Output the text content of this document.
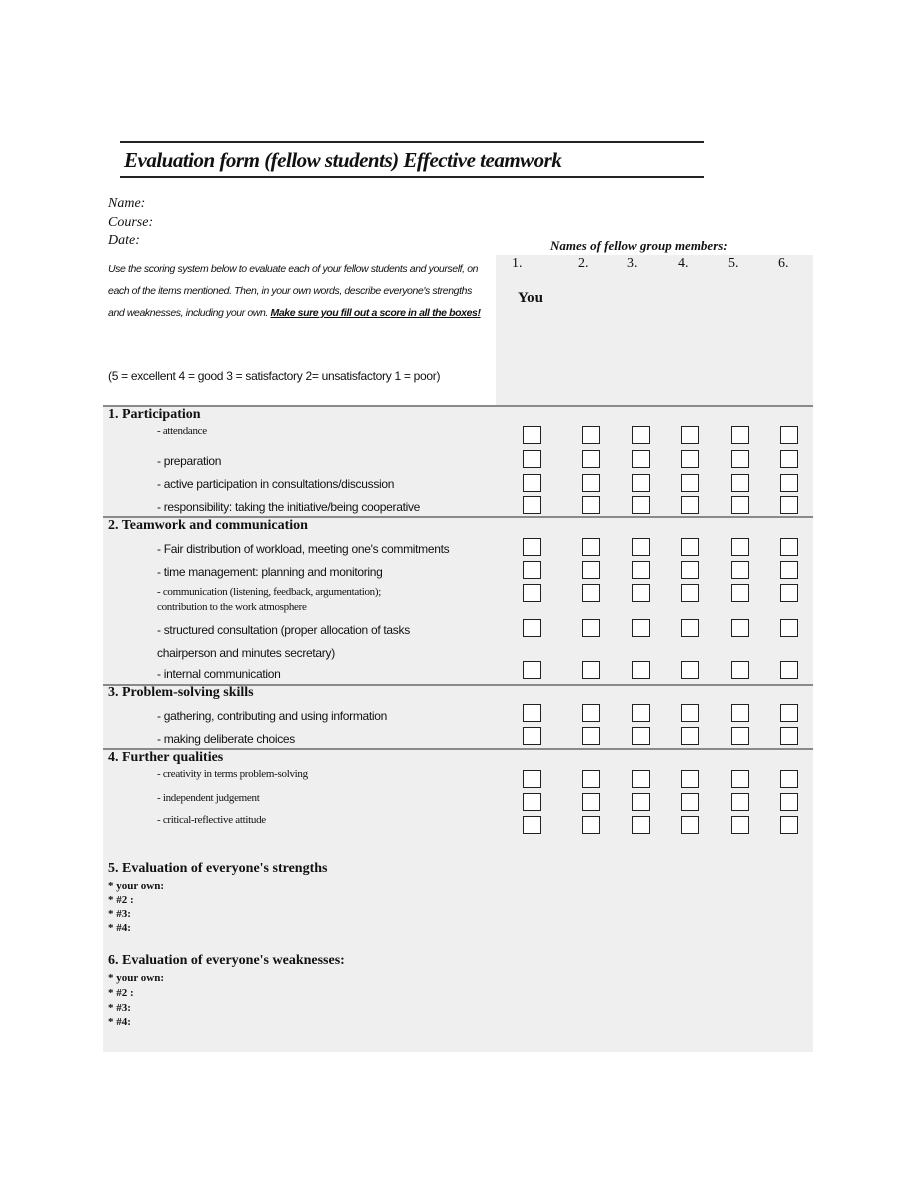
Evaluation form (fellow students) Effective teamwork
Name:
Course:
Date:
Use the scoring system below to evaluate each of your fellow students and yourself, on each of the items mentioned. Then, in your own words, describe everyone's strengths and weaknesses, including your own. Make sure you fill out a score in all the boxes!
(5 = excellent 4 = good 3 = satisfactory 2= unsatisfactory 1 = poor)
Names of fellow group members:
1.	2.	3.	4.	5.	6.
You
1. Participation
- attendance
- preparation
- active participation in consultations/discussion
- responsibility: taking the initiative/being cooperative
2. Teamwork and communication
- Fair distribution of workload, meeting one's commitments
- time management: planning and monitoring
- communication (listening, feedback, argumentation);
contribution to the work atmosphere
- structured consultation (proper allocation of tasks
chairperson and minutes secretary)
- internal communication
3. Problem-solving skills
- gathering, contributing and using information
- making deliberate choices
4. Further qualities
- creativity in terms problem-solving
- independent judgement
- critical-reflective attitude
5. Evaluation of everyone's strengths
* your own:
* #2 :
* #3:
* #4:
6. Evaluation of everyone's weaknesses:
* your own:
* #2 :
* #3:
* #4:
